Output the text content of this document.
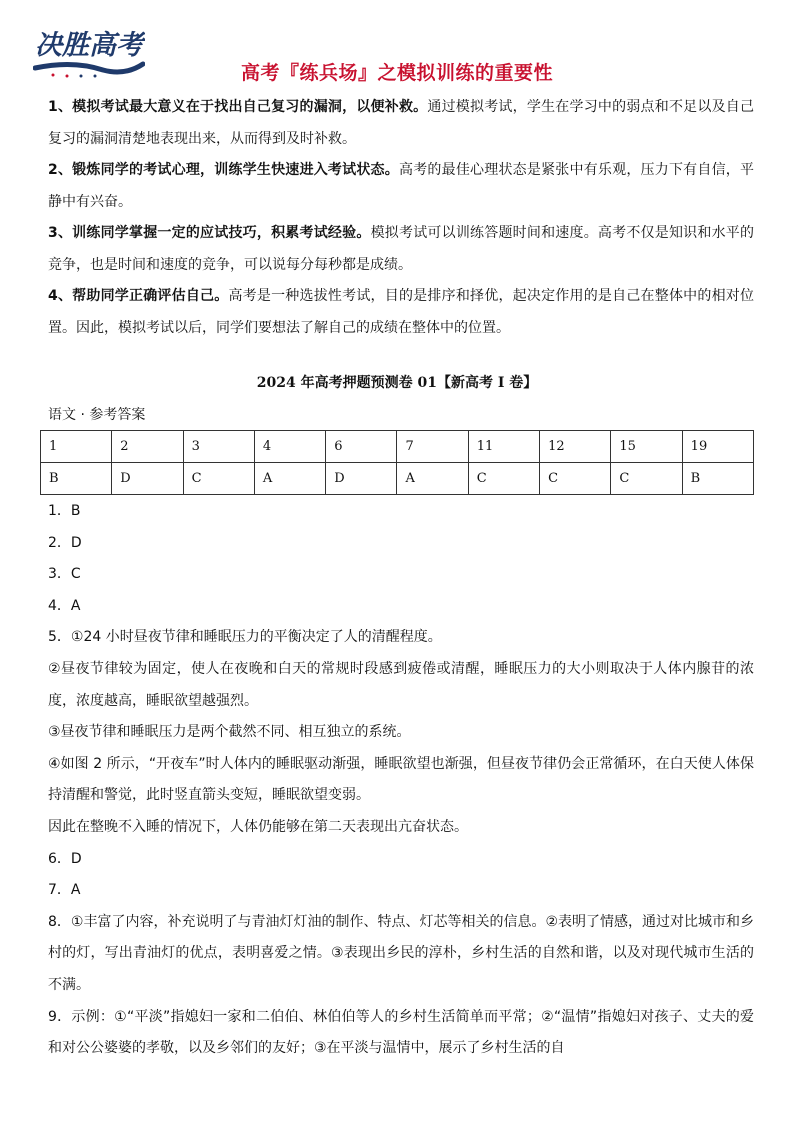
决胜高考
高考『练兵场』之模拟训练的重要性

1、模拟考试最大意义在于找出自己复习的漏洞，以便补救。通过模拟考试，学生在学习中的弱点和不足以及自己复习的漏洞清楚地表现出来，从而得到及时补救。

2、锻炼同学的考试心理，训练学生快速进入考试状态。高考的最佳心理状态是紧张中有乐观，压力下有自信，平静中有兴奋。

3、训练同学掌握一定的应试技巧，积累考试经验。模拟考试可以训练答题时间和速度。高考不仅是知识和水平的竞争，也是时间和速度的竞争，可以说每分每秒都是成绩。

4、帮助同学正确评估自己。高考是一种选拔性考试，目的是排序和择优，起决定作用的是自己在整体中的相对位置。因此，模拟考试以后，同学们要想法了解自己的成绩在整体中的位置。

2024 年高考押题预测卷 01【新高考 I 卷】
语文 · 参考答案
1	2	3	4	6	7	11	12	15	19
B	D	C	A	D	A	C	C	C	B

1．B

2．D

3．C

4．A

5．①24 小时昼夜节律和睡眠压力的平衡决定了人的清醒程度。

②昼夜节律较为固定，使人在夜晚和白天的常规时段感到疲倦或清醒，睡眠压力的大小则取决于人体内腺苷的浓度，浓度越高，睡眠欲望越强烈。

③昼夜节律和睡眠压力是两个截然不同、相互独立的系统。

④如图 2 所示，“开夜车”时人体内的睡眠驱动渐强，睡眠欲望也渐强，但昼夜节律仍会正常循环，在白天使人体保持清醒和警觉，此时竖直箭头变短，睡眠欲望变弱。

因此在整晚不入睡的情况下，人体仍能够在第二天表现出亢奋状态。

6．D

7．A

8．①丰富了内容，补充说明了与青油灯灯油的制作、特点、灯芯等相关的信息。②表明了情感，通过对比城市和乡村的灯，写出青油灯的优点，表明喜爱之情。③表现出乡民的淳朴，乡村生活的自然和谐，以及对现代城市生活的不满。

9．示例：①“平淡”指媳妇一家和二伯伯、林伯伯等人的乡村生活简单而平常；②“温情”指媳妇对孩子、丈夫的爱和对公公婆婆的孝敬，以及乡邻们的友好；③在平淡与温情中，展示了乡村生活的自
